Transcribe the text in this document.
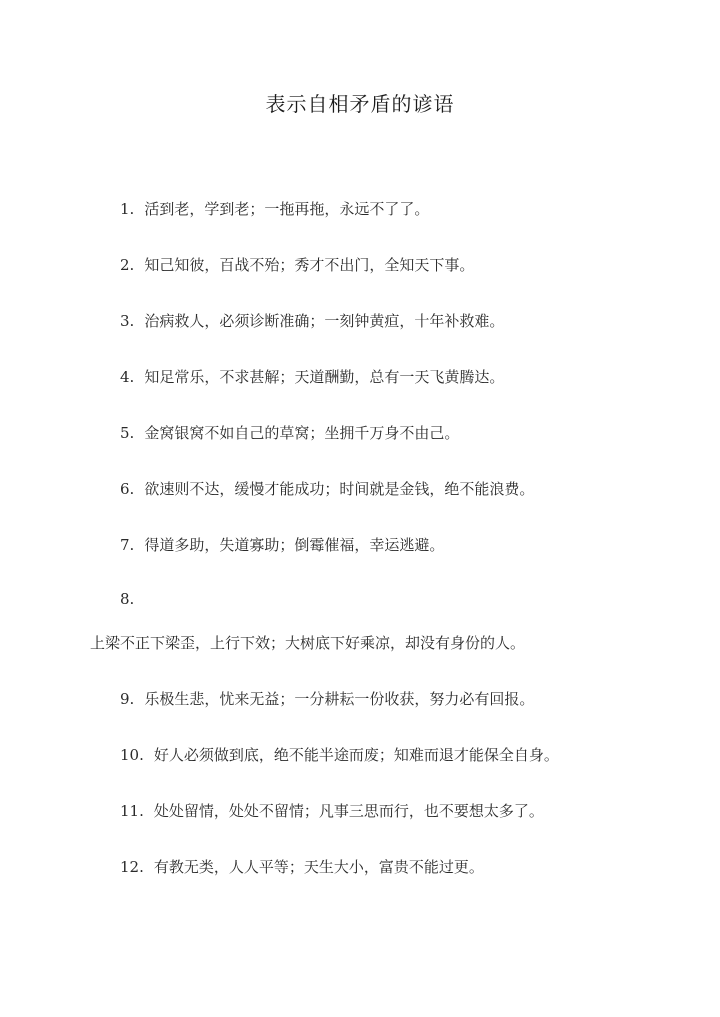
表示自相矛盾的谚语
1. 活到老，学到老；一拖再拖，永远不了了。
2. 知己知彼，百战不殆；秀才不出门，全知天下事。
3. 治病救人，必须诊断准确；一刻钟黄疸，十年补救难。
4. 知足常乐，不求甚解；天道酬勤，总有一天飞黄腾达。
5. 金窝银窝不如自己的草窝；坐拥千万身不由己。
6. 欲速则不达，缓慢才能成功；时间就是金钱，绝不能浪费。
7. 得道多助，失道寡助；倒霉催福，幸运逃避。
8.
上梁不正下梁歪，上行下效；大树底下好乘凉，却没有身份的人。
9. 乐极生悲，忧来无益；一分耕耘一份收获，努力必有回报。
10. 好人必须做到底，绝不能半途而废；知难而退才能保全自身。
11. 处处留情，处处不留情；凡事三思而行，也不要想太多了。
12. 有教无类，人人平等；天生大小，富贵不能过更。
